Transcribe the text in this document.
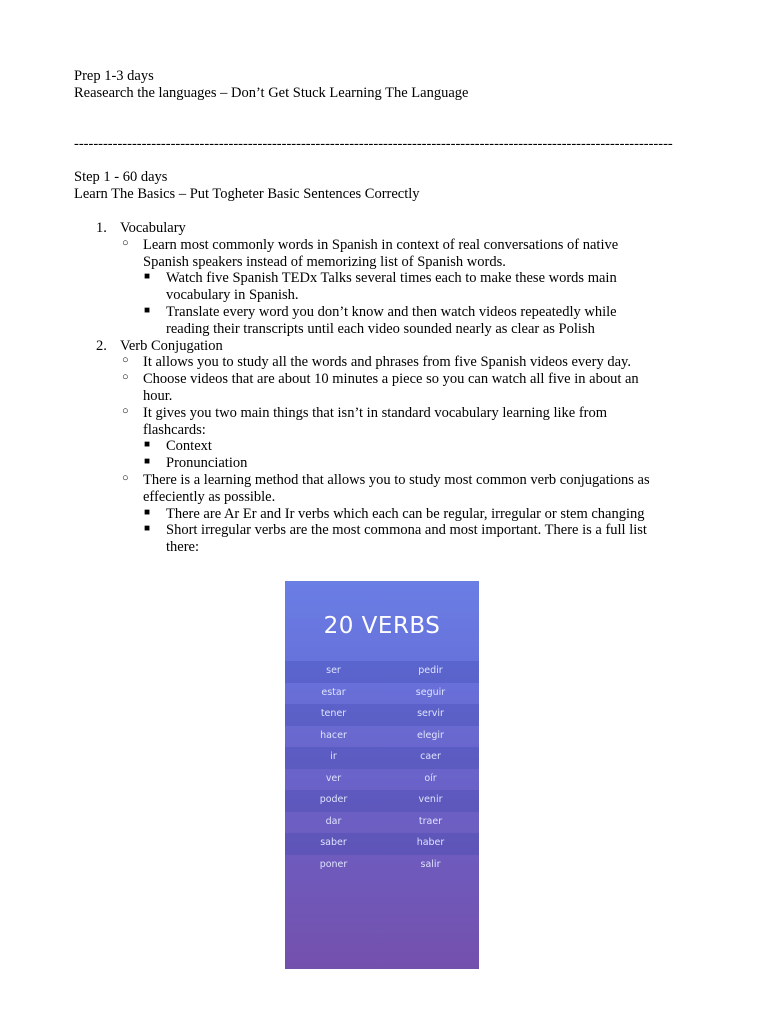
Prep 1-3 days
Reasearch the languages – Don’t Get Stuck Learning The Language
----------------------------------------------------------------------------------------------------------------------------
Step 1 - 60 days
Learn The Basics – Put Togheter Basic Sentences Correctly
1. Vocabulary
○ Learn most commonly words in Spanish in context of real conversations of native
Spanish speakers instead of memorizing list of Spanish words.
■ Watch five Spanish TEDx Talks several times each to make these words main
vocabulary in Spanish.
■ Translate every word you don’t know and then watch videos repeatedly while
reading their transcripts until each video sounded nearly as clear as Polish
2. Verb Conjugation
○ It allows you to study all the words and phrases from five Spanish videos every day.
○ Choose videos that are about 10 minutes a piece so you can watch all five in about an
hour.
○ It gives you two main things that isn’t in standard vocabulary learning like from
flashcards:
■ Context
■ Pronunciation
○ There is a learning method that allows you to study most common verb conjugations as
effeciently as possible.
■ There are Ar Er and Ir verbs which each can be regular, irregular or stem changing
■ Short irregular verbs are the most commona and most important. There is a full list
there:
20 VERBS
ser	pedir
estar	seguir
tener	servir
hacer	elegir
ir	caer
ver	oír
poder	venir
dar	traer
saber	haber
poner	salir
